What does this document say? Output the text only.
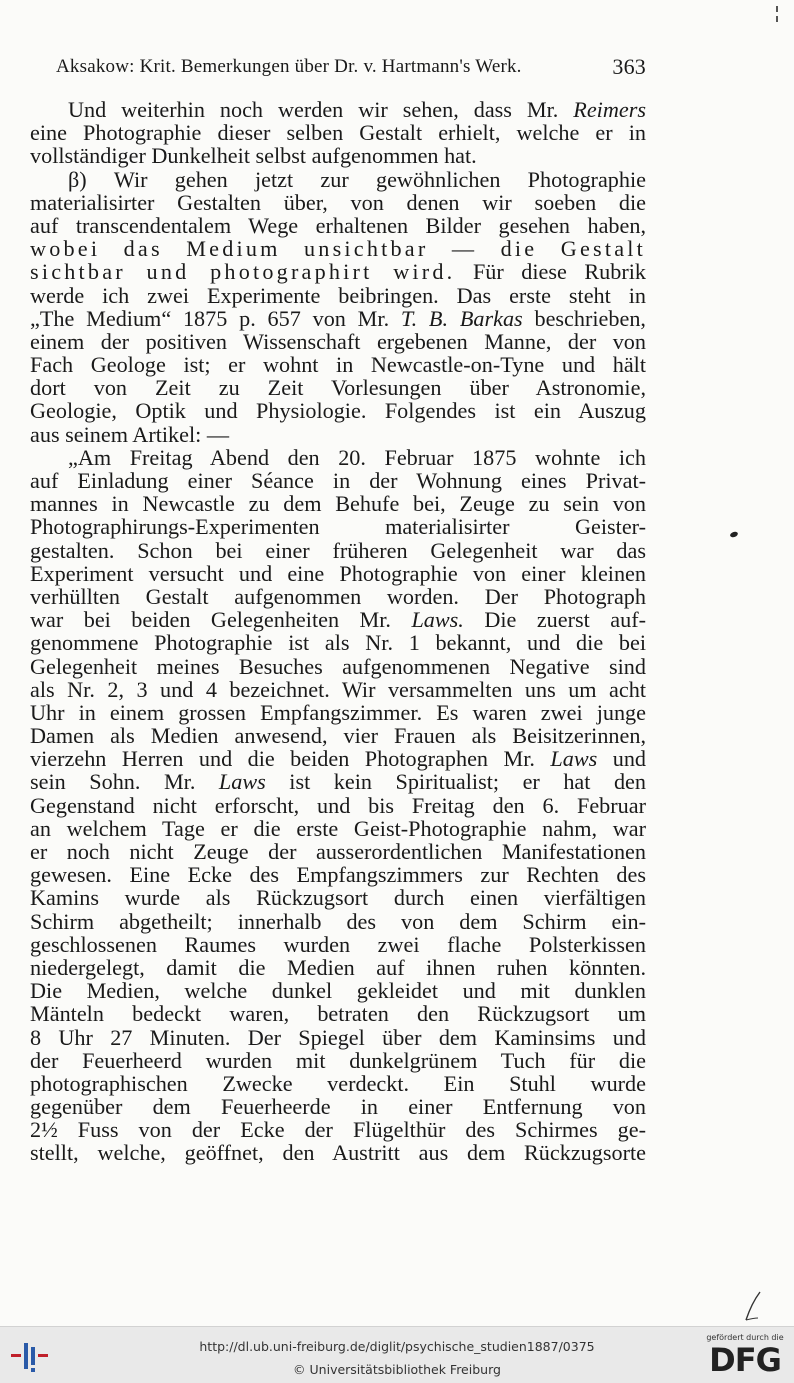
Aksakow: Krit. Bemerkungen über Dr. v. Hartmann's Werk.	363
Und weiterhin noch werden wir sehen, dass Mr. Reimers
eine Photographie dieser selben Gestalt erhielt, welche er in
vollständiger Dunkelheit selbst aufgenommen hat.
β) Wir gehen jetzt zur gewöhnlichen Photographie
materialisirter Gestalten über, von denen wir soeben die
auf transcendentalem Wege erhaltenen Bilder gesehen haben,
wobei das Medium unsichtbar — die Gestalt
sichtbar und photographirt wird. Für diese Rubrik
werde ich zwei Experimente beibringen. Das erste steht in
„The Medium“ 1875 p. 657 von Mr. T. B. Barkas beschrieben,
einem der positiven Wissenschaft ergebenen Manne, der von
Fach Geologe ist; er wohnt in Newcastle-on-Tyne und hält
dort von Zeit zu Zeit Vorlesungen über Astronomie,
Geologie, Optik und Physiologie. Folgendes ist ein Auszug
aus seinem Artikel: —
„Am Freitag Abend den 20. Februar 1875 wohnte ich
auf Einladung einer Séance in der Wohnung eines Privat-
mannes in Newcastle zu dem Behufe bei, Zeuge zu sein von
Photographirungs-Experimenten materialisirter Geister-
gestalten. Schon bei einer früheren Gelegenheit war das
Experiment versucht und eine Photographie von einer kleinen
verhüllten Gestalt aufgenommen worden. Der Photograph
war bei beiden Gelegenheiten Mr. Laws. Die zuerst auf-
genommene Photographie ist als Nr. 1 bekannt, und die bei
Gelegenheit meines Besuches aufgenommenen Negative sind
als Nr. 2, 3 und 4 bezeichnet. Wir versammelten uns um acht
Uhr in einem grossen Empfangszimmer. Es waren zwei junge
Damen als Medien anwesend, vier Frauen als Beisitzerinnen,
vierzehn Herren und die beiden Photographen Mr. Laws und
sein Sohn. Mr. Laws ist kein Spiritualist; er hat den
Gegenstand nicht erforscht, und bis Freitag den 6. Februar
an welchem Tage er die erste Geist-Photographie nahm, war
er noch nicht Zeuge der ausserordentlichen Manifestationen
gewesen. Eine Ecke des Empfangszimmers zur Rechten des
Kamins wurde als Rückzugsort durch einen vierfältigen
Schirm abgetheilt; innerhalb des von dem Schirm ein-
geschlossenen Raumes wurden zwei flache Polsterkissen
niedergelegt, damit die Medien auf ihnen ruhen könnten.
Die Medien, welche dunkel gekleidet und mit dunklen
Mänteln bedeckt waren, betraten den Rückzugsort um
8 Uhr 27 Minuten. Der Spiegel über dem Kaminsims und
der Feuerheerd wurden mit dunkelgrünem Tuch für die
photographischen Zwecke verdeckt. Ein Stuhl wurde
gegenüber dem Feuerheerde in einer Entfernung von
2½ Fuss von der Ecke der Flügelthür des Schirmes ge-
stellt, welche, geöffnet, den Austritt aus dem Rückzugsorte
http://dl.ub.uni-freiburg.de/diglit/psychische_studien1887/0375
© Universitätsbibliothek Freiburg
gefördert durch die
DFG
